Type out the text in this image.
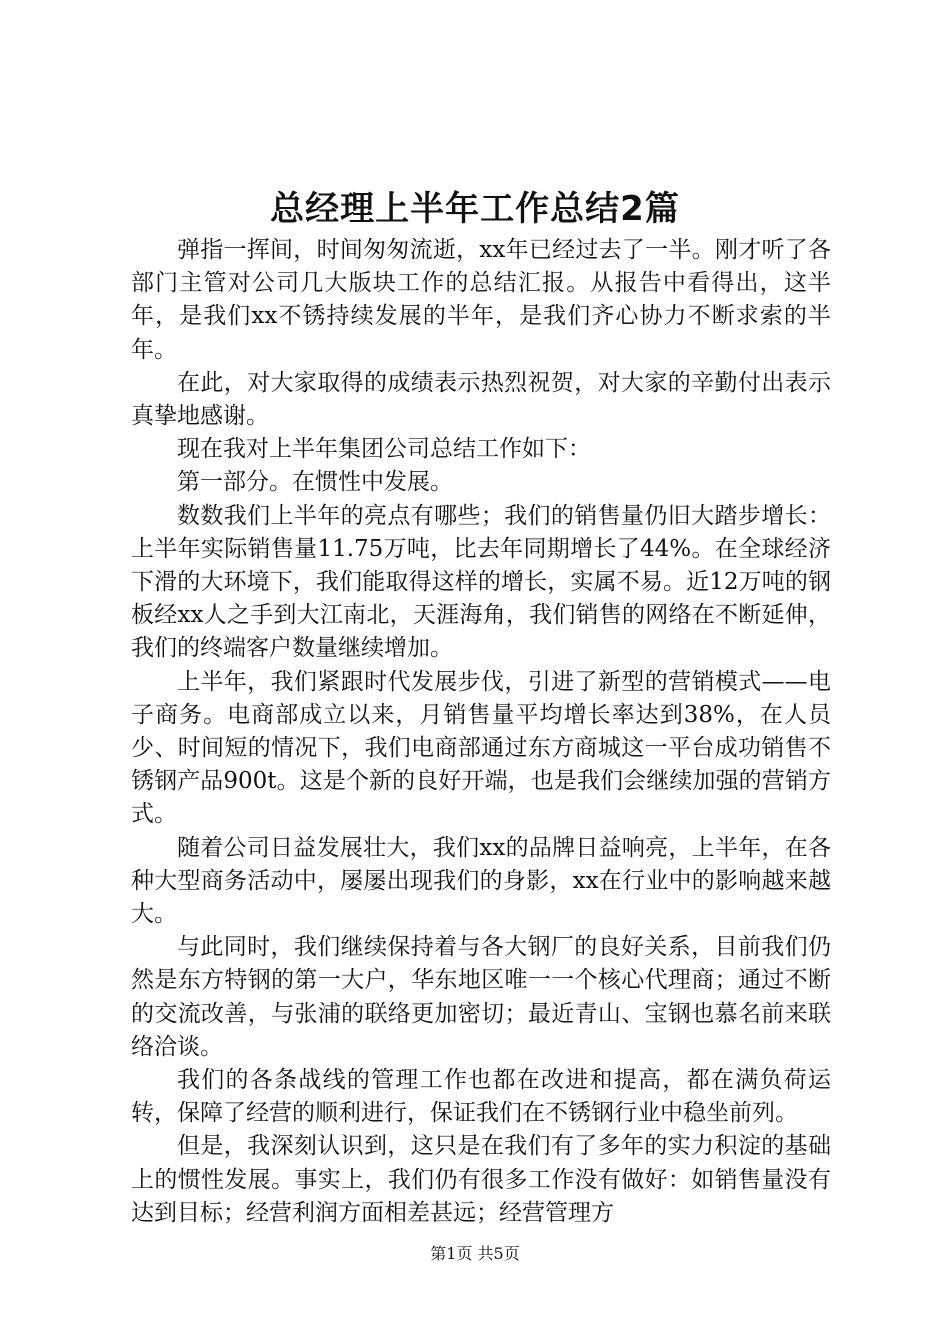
总经理上半年工作总结2篇

弹指一挥间，时间匆匆流逝，xx年已经过去了一半。刚才听了各部门主管对公司几大版块工作的总结汇报。从报告中看得出，这半年，是我们xx不锈持续发展的半年，是我们齐心协力不断求索的半年。

在此，对大家取得的成绩表示热烈祝贺，对大家的辛勤付出表示真挚地感谢。

现在我对上半年集团公司总结工作如下：

第一部分。在惯性中发展。

数数我们上半年的亮点有哪些；我们的销售量仍旧大踏步增长：上半年实际销售量11.75万吨，比去年同期增长了44%。在全球经济下滑的大环境下，我们能取得这样的增长，实属不易。近12万吨的钢板经xx人之手到大江南北，天涯海角，我们销售的网络在不断延伸，我们的终端客户数量继续增加。

上半年，我们紧跟时代发展步伐，引进了新型的营销模式——电子商务。电商部成立以来，月销售量平均增长率达到38%，在人员少、时间短的情况下，我们电商部通过东方商城这一平台成功销售不锈钢产品900t。这是个新的良好开端，也是我们会继续加强的营销方式。

随着公司日益发展壮大，我们xx的品牌日益响亮，上半年，在各种大型商务活动中，屡屡出现我们的身影，xx在行业中的影响越来越大。

与此同时，我们继续保持着与各大钢厂的良好关系，目前我们仍然是东方特钢的第一大户，华东地区唯一一个核心代理商；通过不断的交流改善，与张浦的联络更加密切；最近青山、宝钢也慕名前来联络洽谈。

我们的各条战线的管理工作也都在改进和提高，都在满负荷运转，保障了经营的顺利进行，保证我们在不锈钢行业中稳坐前列。

但是，我深刻认识到，这只是在我们有了多年的实力积淀的基础上的惯性发展。事实上，我们仍有很多工作没有做好：如销售量没有达到目标；经营利润方面相差甚远；经营管理方

第1页 共5页
